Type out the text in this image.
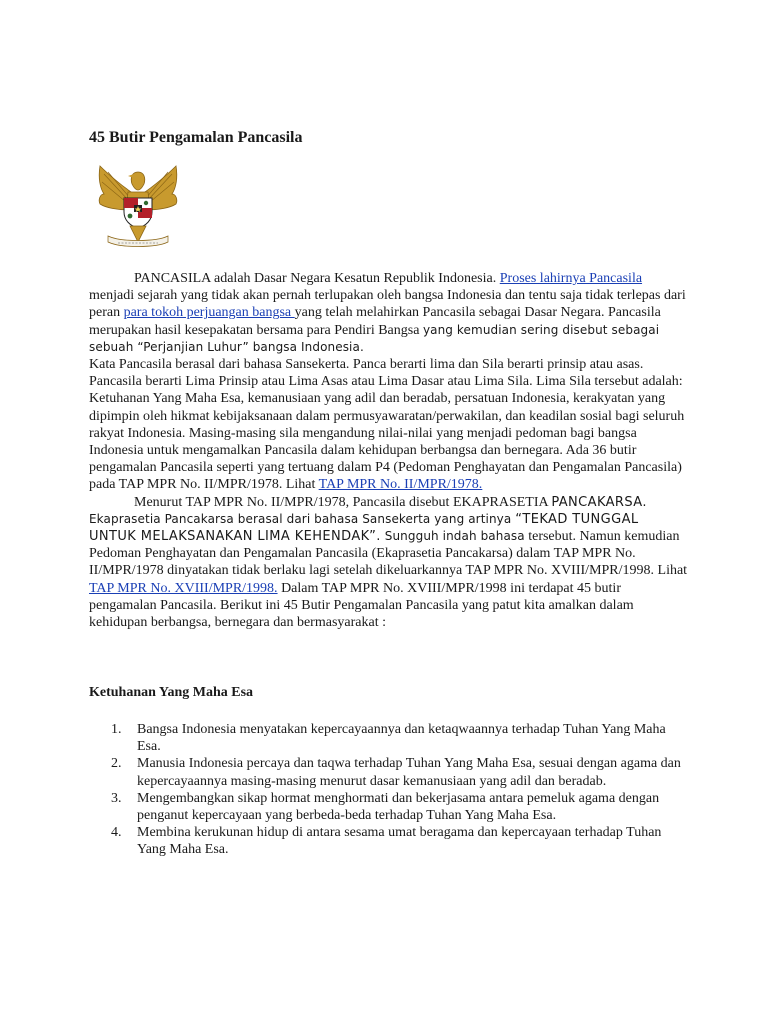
45 Butir Pengamalan Pancasila

PANCASILA adalah Dasar Negara Kesatun Republik Indonesia. Proses lahirnya Pancasila menjadi sejarah yang tidak akan pernah terlupakan oleh bangsa Indonesia dan tentu saja tidak terlepas dari peran para tokoh perjuangan bangsa yang telah melahirkan Pancasila sebagai Dasar Negara. Pancasila merupakan hasil kesepakatan bersama para Pendiri Bangsa yang kemudian sering disebut sebagai sebuah “Perjanjian Luhur” bangsa Indonesia.

Kata Pancasila berasal dari bahasa Sansekerta. Panca berarti lima dan Sila berarti prinsip atau asas. Pancasila berarti Lima Prinsip atau Lima Asas atau Lima Dasar atau Lima Sila. Lima Sila tersebut adalah: Ketuhanan Yang Maha Esa, kemanusiaan yang adil dan beradab, persatuan Indonesia, kerakyatan yang dipimpin oleh hikmat kebijaksanaan dalam permusyawaratan/perwakilan, dan keadilan sosial bagi seluruh rakyat Indonesia. Masing-masing sila mengandung nilai-nilai yang menjadi pedoman bagi bangsa Indonesia untuk mengamalkan Pancasila dalam kehidupan berbangsa dan bernegara. Ada 36 butir pengamalan Pancasila seperti yang tertuang dalam P4 (Pedoman Penghayatan dan Pengamalan Pancasila) pada TAP MPR No. II/MPR/1978. Lihat TAP MPR No. II/MPR/1978.

Menurut TAP MPR No. II/MPR/1978, Pancasila disebut EKAPRASETIA PANCAKARSA. Ekaprasetia Pancakarsa berasal dari bahasa Sansekerta yang artinya “TEKAD TUNGGAL UNTUK MELAKSANAKAN LIMA KEHENDAK”. Sungguh indah bahasa tersebut. Namun kemudian Pedoman Penghayatan dan Pengamalan Pancasila (Ekaprasetia Pancakarsa) dalam TAP MPR No. II/MPR/1978 dinyatakan tidak berlaku lagi setelah dikeluarkannya TAP MPR No. XVIII/MPR/1998. Lihat TAP MPR No. XVIII/MPR/1998. Dalam TAP MPR No. XVIII/MPR/1998 ini terdapat 45 butir pengamalan Pancasila. Berikut ini 45 Butir Pengamalan Pancasila yang patut kita amalkan dalam kehidupan berbangsa, bernegara dan bermasyarakat :

Ketuhanan Yang Maha Esa
1. Bangsa Indonesia menyatakan kepercayaannya dan ketaqwaannya terhadap Tuhan Yang Maha Esa.
2. Manusia Indonesia percaya dan taqwa terhadap Tuhan Yang Maha Esa, sesuai dengan agama dan kepercayaannya masing-masing menurut dasar kemanusiaan yang adil dan beradab.
3. Mengembangkan sikap hormat menghormati dan bekerjasama antara pemeluk agama dengan penganut kepercayaan yang berbeda-beda terhadap Tuhan Yang Maha Esa.
4. Membina kerukunan hidup di antara sesama umat beragama dan kepercayaan terhadap Tuhan Yang Maha Esa.
